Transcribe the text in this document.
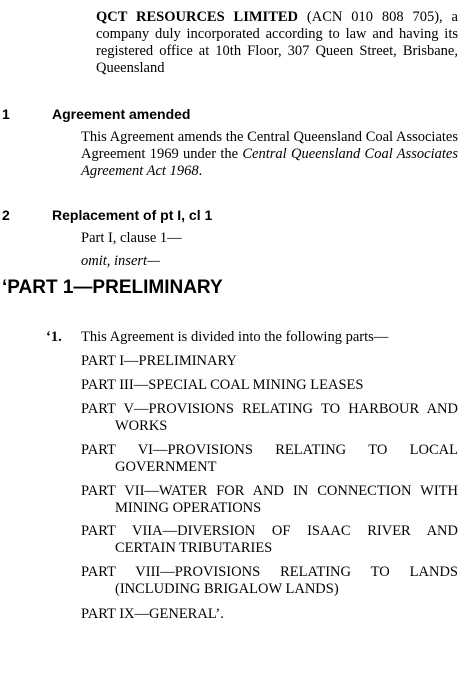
QCT RESOURCES LIMITED (ACN 010 808 705), a company duly incorporated according to law and having its registered office at 10th Floor, 307 Queen Street, Brisbane, Queensland
1	Agreement amended
This Agreement amends the Central Queensland Coal Associates Agreement 1969 under the Central Queensland Coal Associates Agreement Act 1968.
2	Replacement of pt I, cl 1
Part I, clause 1—
omit, insert—
‘PART 1—PRELIMINARY
‘1. This Agreement is divided into the following parts—
PART I—PRELIMINARY
PART III—SPECIAL COAL MINING LEASES
PART V—PROVISIONS RELATING TO HARBOUR AND
WORKS
PART VI—PROVISIONS RELATING TO LOCAL
GOVERNMENT
PART VII—WATER FOR AND IN CONNECTION WITH
MINING OPERATIONS
PART VIIA—DIVERSION OF ISAAC RIVER AND
CERTAIN TRIBUTARIES
PART VIII—PROVISIONS RELATING TO LANDS
(INCLUDING BRIGALOW LANDS)
PART IX—GENERAL’.
